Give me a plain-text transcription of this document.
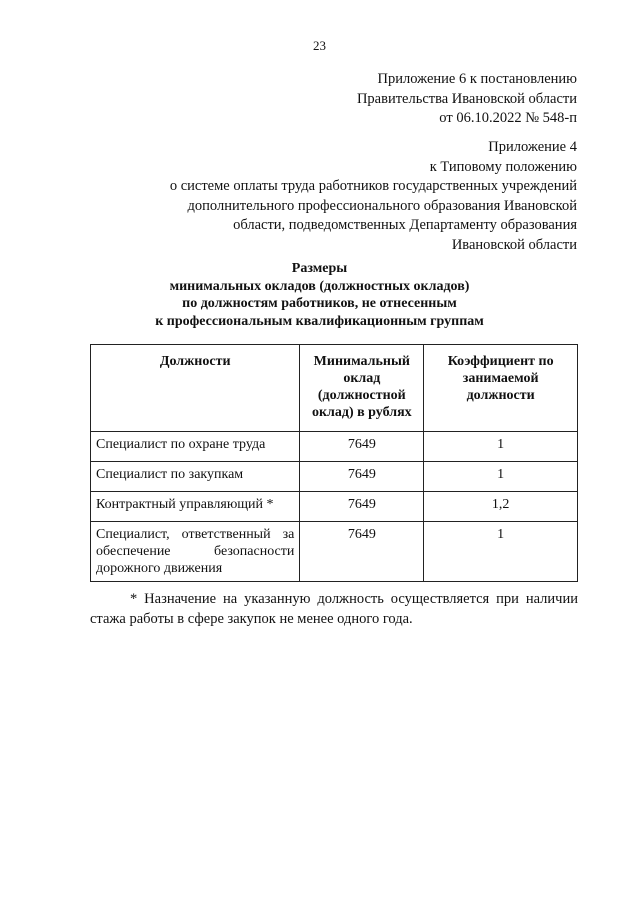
23
Приложение 6 к постановлению
Правительства Ивановской области
от 06.10.2022 № 548-п
Приложение 4
к Типовому положению
о системе оплаты труда работников государственных учреждений
дополнительного профессионального образования Ивановской
области, подведомственных Департаменту образования
Ивановской области
Размеры
минимальных окладов (должностных окладов)
по должностям работников, не отнесенным
к профессиональным квалификационным группам
Должности	Минимальный оклад (должностной оклад) в рублях	Коэффициент по занимаемой должности
Специалист по охране труда	7649	1
Специалист по закупкам	7649	1
Контрактный управляющий *	7649	1,2
Специалист, ответственный за обеспечение безопасности дорожного движения	7649	1
* Назначение на указанную должность осуществляется при наличии стажа работы в сфере закупок не менее одного года.
